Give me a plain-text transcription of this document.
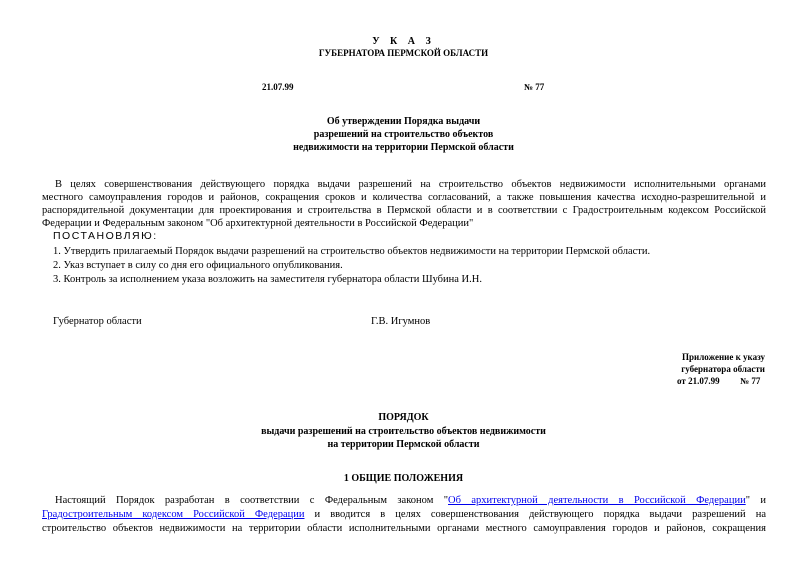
У К А З
ГУБЕРНАТОРА ПЕРМСКОЙ ОБЛАСТИ
21.07.99	№ 77
Об утверждении Порядка выдачи
разрешений на строительство объектов
недвижимости на территории Пермской области
В целях совершенствования действующего порядка выдачи разрешений на строительство объектов недвижимости исполнительными органами
местного самоуправления городов и районов, сокращения сроков и количества согласований, а также повышения качества исходно-разрешительной и
распорядительной документации для проектирования и строительства в Пермской области и в соответствии с Градостроительным кодексом Российской
Федерации и Федеральным законом "Об архитектурной деятельности в Российской Федерации"
ПОСТАНОВЛЯЮ:
1. Утвердить прилагаемый Порядок выдачи разрешений на строительство объектов недвижимости на территории Пермской области.
2. Указ вступает в силу со дня его официального опубликования.
3. Контроль за исполнением указа возложить на заместителя губернатора области Шубина И.Н.
Губернатор области	Г.В. Игумнов
Приложение к указу
губернатора области
от 21.07.99 № 77
ПОРЯДОК
выдачи разрешений на строительство объектов недвижимости
на территории Пермской области
1 ОБЩИЕ ПОЛОЖЕНИЯ
Настоящий Порядок разработан в соответствии с Федеральным законом "Об архитектурной деятельности в Российской Федерации" и
Градостроительным кодексом Российской Федерации и вводится в целях совершенствования действующего порядка выдачи разрешений на
строительство объектов недвижимости на территории области исполнительными органами местного самоуправления городов и районов, сокращения
